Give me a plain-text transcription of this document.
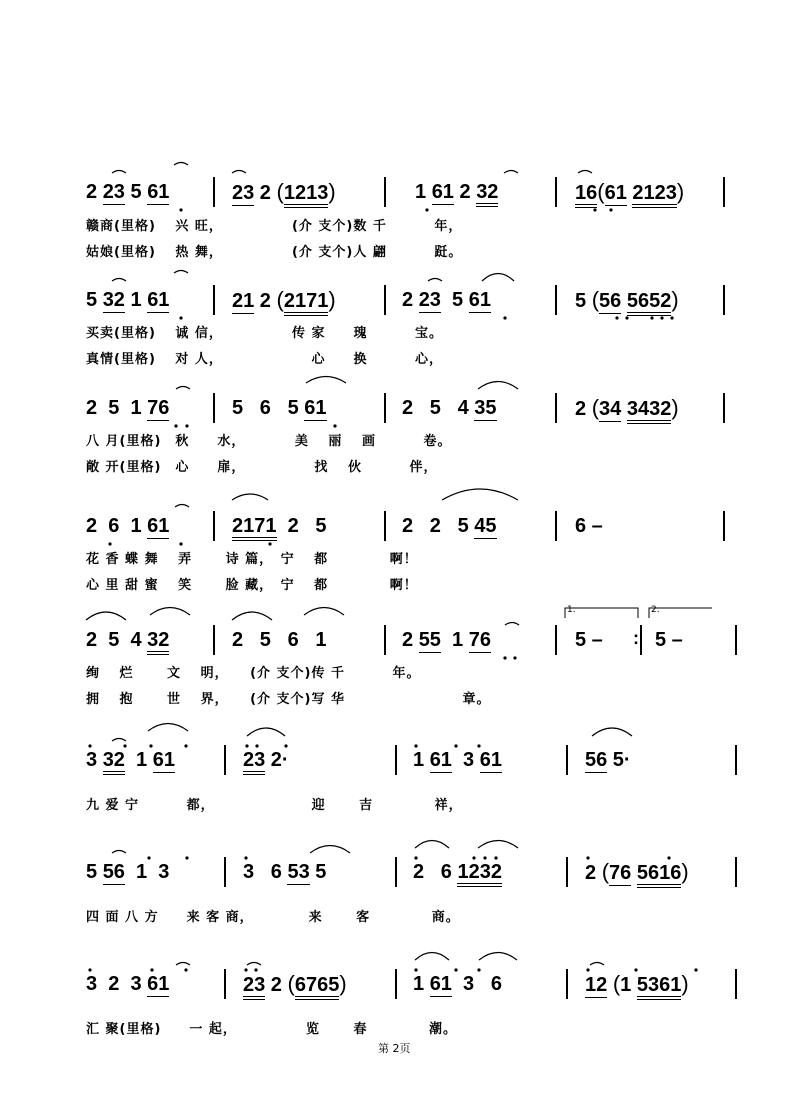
2 23 5 61	23 2 (1213)	1 61 2 32	16(61 2123)
赣商(里格)　 兴 旺，　　　　　 (介 支个)数 千　　　 年，
姑娘(里格)　 热 舞，　　　　　 (介 支个)人 翩　　　 跹。
5 32 1 61	21 2 (2171)	2 23  5 61	5 (56 5652)
买卖(里格)　 诚 信，　　　　　 传 家　　瑰　　　 宝。
真情(里格)　 对 人，　　　　　 　 心　　换　　　 心，
2  5  1 76	5   6   5 61	2   5   4 35	2 (34 3432)
八 月(里格)　秋　　水，　　　　美　 丽　 画　　　 卷。
敞 开(里格)　心　　扉，　　　　　 找　 伙　　　 伴，
2  6  1 61	2171  2   5	2   2   5 45	6 –
花 香 蝶 舞　 弄　　 诗 篇，　宁　 都　　　　 啊！
心 里 甜 蜜　 笑　　 脸 藏，　宁　 都　　　　 啊！
1.	2.
2  5  4 32	2   5   6   1	2 55  1 76	5 – : 5 –
绚　 烂　　 文　 明，　　(介 支个)传 千　　　 年。
拥　 抱　　 世　 界，　　(介 支个)写 华　　　　　　　　 章。
3 32  1 61	23 2·	1 61  3 61	56 5·
九 爱 宁　　　 都，　　　　　　　 迎　　 吉　　　　 祥，
5 56  1  3	3   6 53 5	2   6 1232	2 (76 5616)
四 面 八 方　　来 客 商，　　　　 来　　 客　　　　 商。
3  2  3 61	23 2 (6765)	1 61  3   6	12 (1 5361)
汇 聚(里格)　　一 起，　　　　　 览　　 春　　　　 潮。
第 2页
